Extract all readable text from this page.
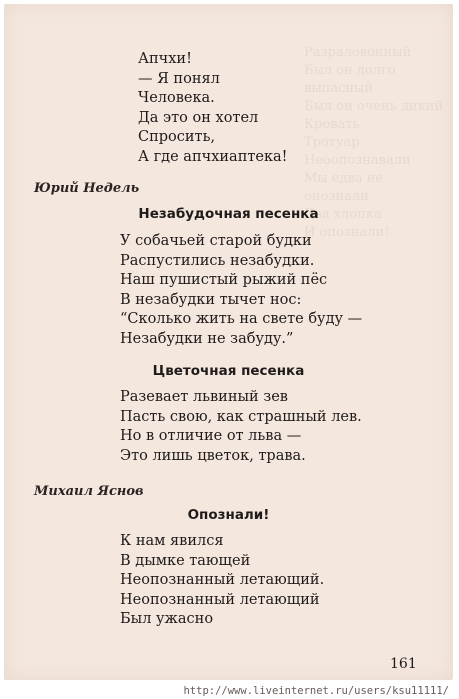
Разраловонный
Был он долго выпасный
Был он очень дикий
Кровать
Тротуар
Неоопознавали
Мы едва не опознали
Два хлопка
И опознали!
Апчхи!
— Я понял
Человека.
Да это он хотел
Спросить,
А где апчхиаптека!
Юрий Недель
Незабудочная песенка
У собачьей старой будки
Распустились незабудки.
Наш пушистый рыжий пёс
В незабудки тычет нос:
“Сколько жить на свете буду —
Незабудки не забуду.”
Цветочная песенка
Разевает львиный зев
Пасть свою, как страшный лев.
Но в отличие от льва —
Это лишь цветок, трава.
Михаил Яснов
Опознали!
К нам явился
В дымке тающей
Неопознанный летающий.
Неопознанный летающий
Был ужасно
161
http://www.liveinternet.ru/users/ksu11111/
